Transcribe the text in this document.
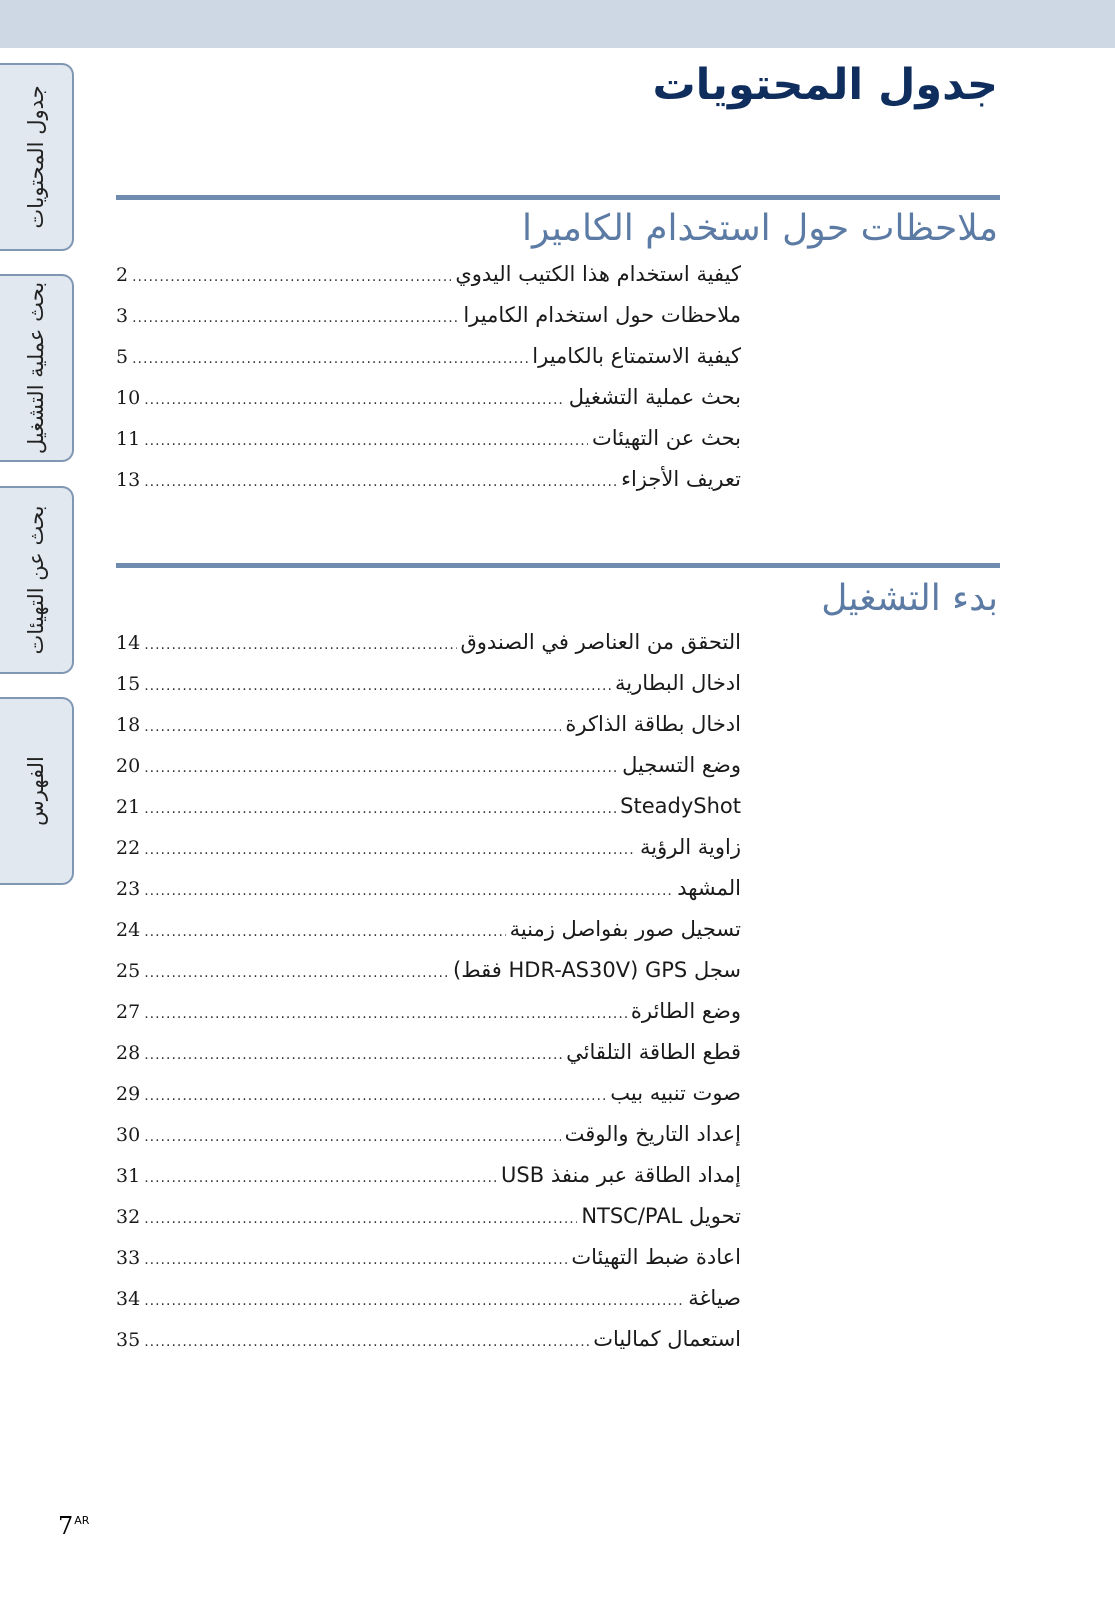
جدول المحتويات
بحث عملية التشغيل
بحث عن التهيئات
الفهرس
جدول المحتويات
ملاحظات حول استخدام الكاميرا
2 .....	كيفية استخدام هذا الكتيب اليدوي
3 .....	ملاحظات حول استخدام الكاميرا
5 .....	كيفية الاستمتاع بالكاميرا
10 .....	بحث عملية التشغيل
11 .....	بحث عن التهيئات
13 .....	تعريف الأجزاء
بدء التشغيل
14 .....	التحقق من العناصر في الصندوق
15 .....	ادخال البطارية
18 .....	ادخال بطاقة الذاكرة
20 .....	وضع التسجيل
21 .....	SteadyShot
22 .....	زاوية الرؤية
23 .....	المشهد
24 .....	تسجيل صور بفواصل زمنية
25 .....	سجل GPS (HDR-AS30V فقط)
27 .....	وضع الطائرة
28 .....	قطع الطاقة التلقائي
29 .....	صوت تنبيه بيب
30 .....	إعداد التاريخ والوقت
31 .....	إمداد الطاقة عبر منفذ USB
32 .....	تحويل NTSC/PAL
33 .....	اعادة ضبط التهيئات
34 .....	صياغة
35 .....	استعمال كماليات
$7^{AR}$
